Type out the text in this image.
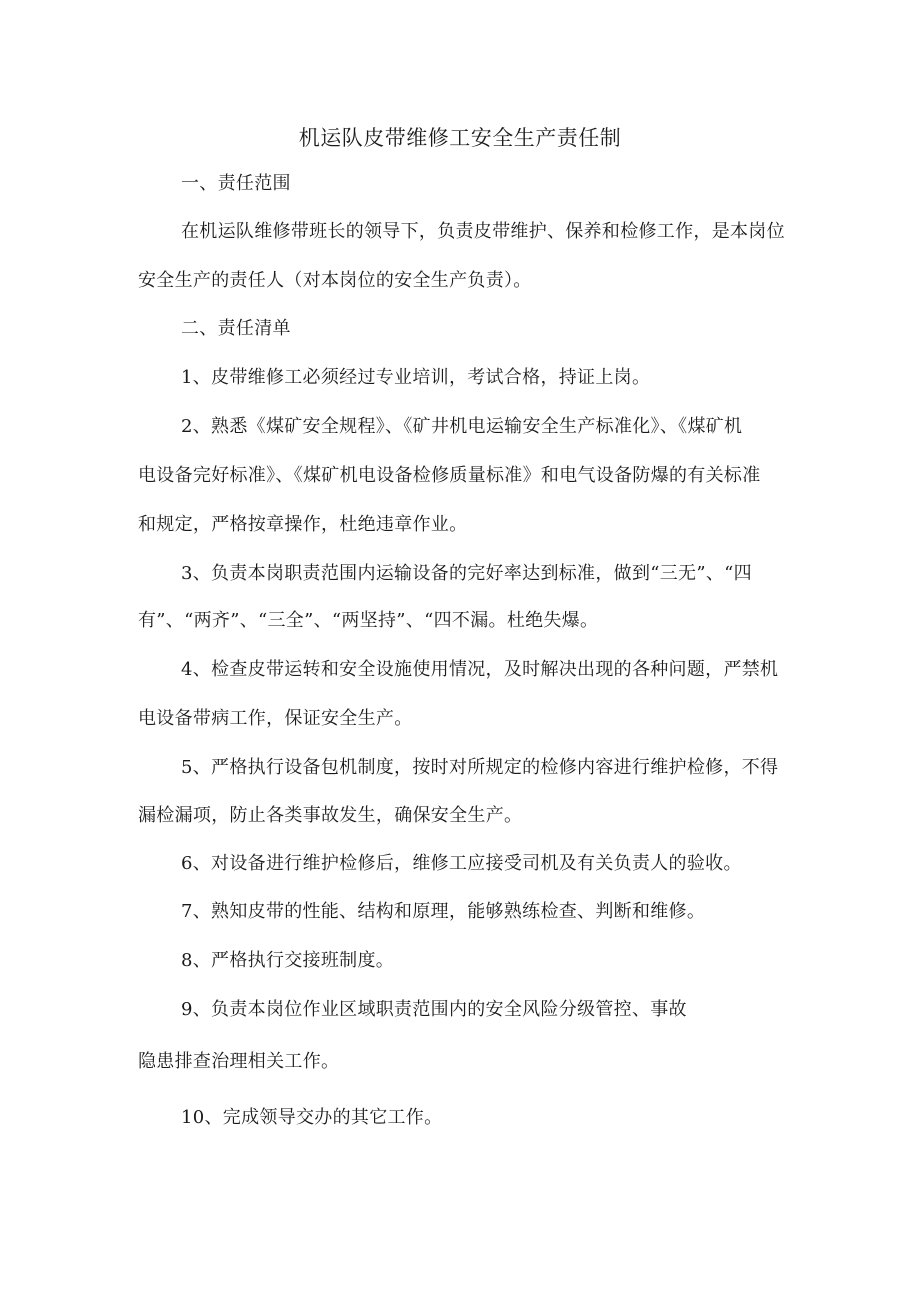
机运队皮带维修工安全生产责任制
一、责任范围
在机运队维修带班长的领导下，负责皮带维护、保养和检修工作，是本岗位
安全生产的责任人（对本岗位的安全生产负责）。
二、责任清单
1、皮带维修工必须经过专业培训，考试合格，持证上岗。
2、熟悉《煤矿安全规程》、《矿井机电运输安全生产标准化》、《煤矿机
电设备完好标准》、《煤矿机电设备检修质量标准》和电气设备防爆的有关标准
和规定，严格按章操作，杜绝违章作业。
3、负责本岗职责范围内运输设备的完好率达到标准，做到“三无”、“四
有”、“两齐”、“三全”、“两坚持”、“四不漏。杜绝失爆。
4、检查皮带运转和安全设施使用情况，及时解决出现的各种问题，严禁机
电设备带病工作，保证安全生产。
5、严格执行设备包机制度，按时对所规定的检修内容进行维护检修，不得
漏检漏项，防止各类事故发生，确保安全生产。
6、对设备进行维护检修后，维修工应接受司机及有关负责人的验收。
7、熟知皮带的性能、结构和原理，能够熟练检查、判断和维修。
8、严格执行交接班制度。
9、负责本岗位作业区域职责范围内的安全风险分级管控、事故
隐患排查治理相关工作。
10、完成领导交办的其它工作。
